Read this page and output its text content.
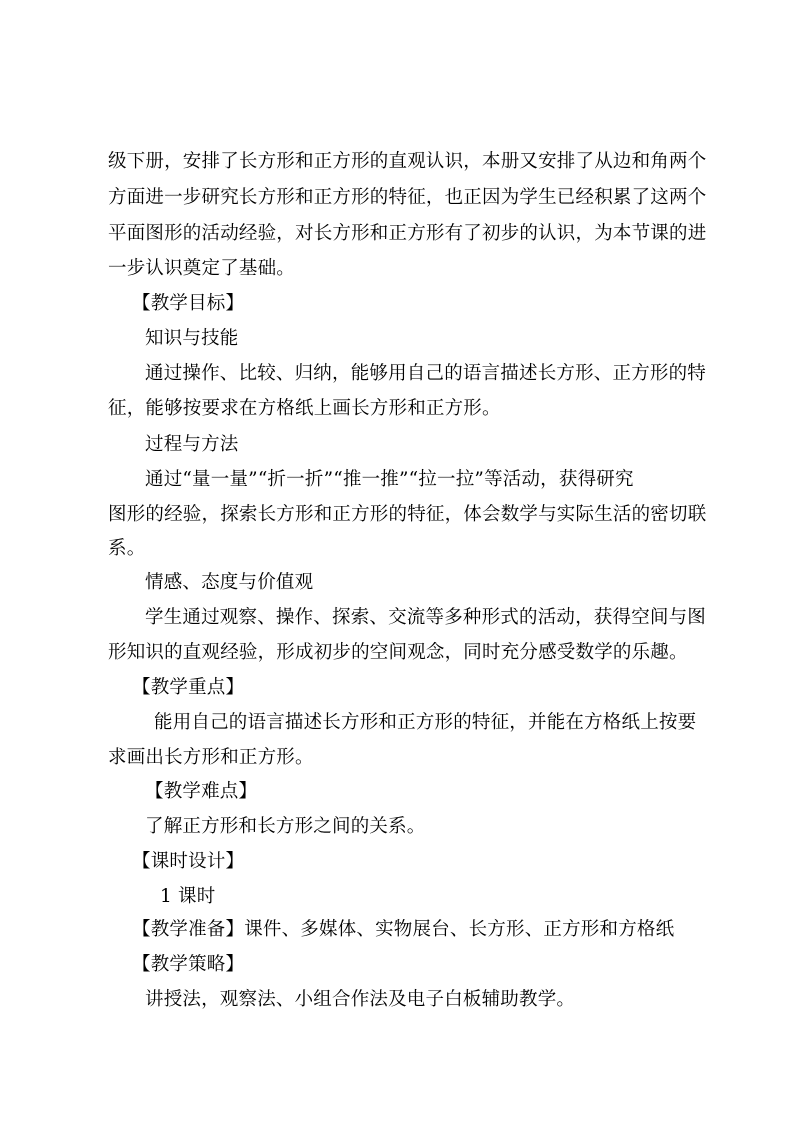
级下册，安排了长方形和正方形的直观认识，本册又安排了从边和角两个
方面进一步研究长方形和正方形的特征，也正因为学生已经积累了这两个
平面图形的活动经验，对长方形和正方形有了初步的认识，为本节课的进
一步认识奠定了基础。
【教学目标】
知识与技能
通过操作、比较、归纳，能够用自己的语言描述长方形、正方形的特
征，能够按要求在方格纸上画长方形和正方形。
过程与方法
通过“量一量”“折一折”“推一推”“拉一拉”等活动，获得研究
图形的经验，探索长方形和正方形的特征，体会数学与实际生活的密切联
系。
情感、态度与价值观
学生通过观察、操作、探索、交流等多种形式的活动，获得空间与图
形知识的直观经验，形成初步的空间观念，同时充分感受数学的乐趣。
【教学重点】
能用自己的语言描述长方形和正方形的特征，并能在方格纸上按要
求画出长方形和正方形。
【教学难点】
了解正方形和长方形之间的关系。
【课时设计】
1 课时
【教学准备】课件、多媒体、实物展台、长方形、正方形和方格纸
【教学策略】
讲授法，观察法、小组合作法及电子白板辅助教学。
